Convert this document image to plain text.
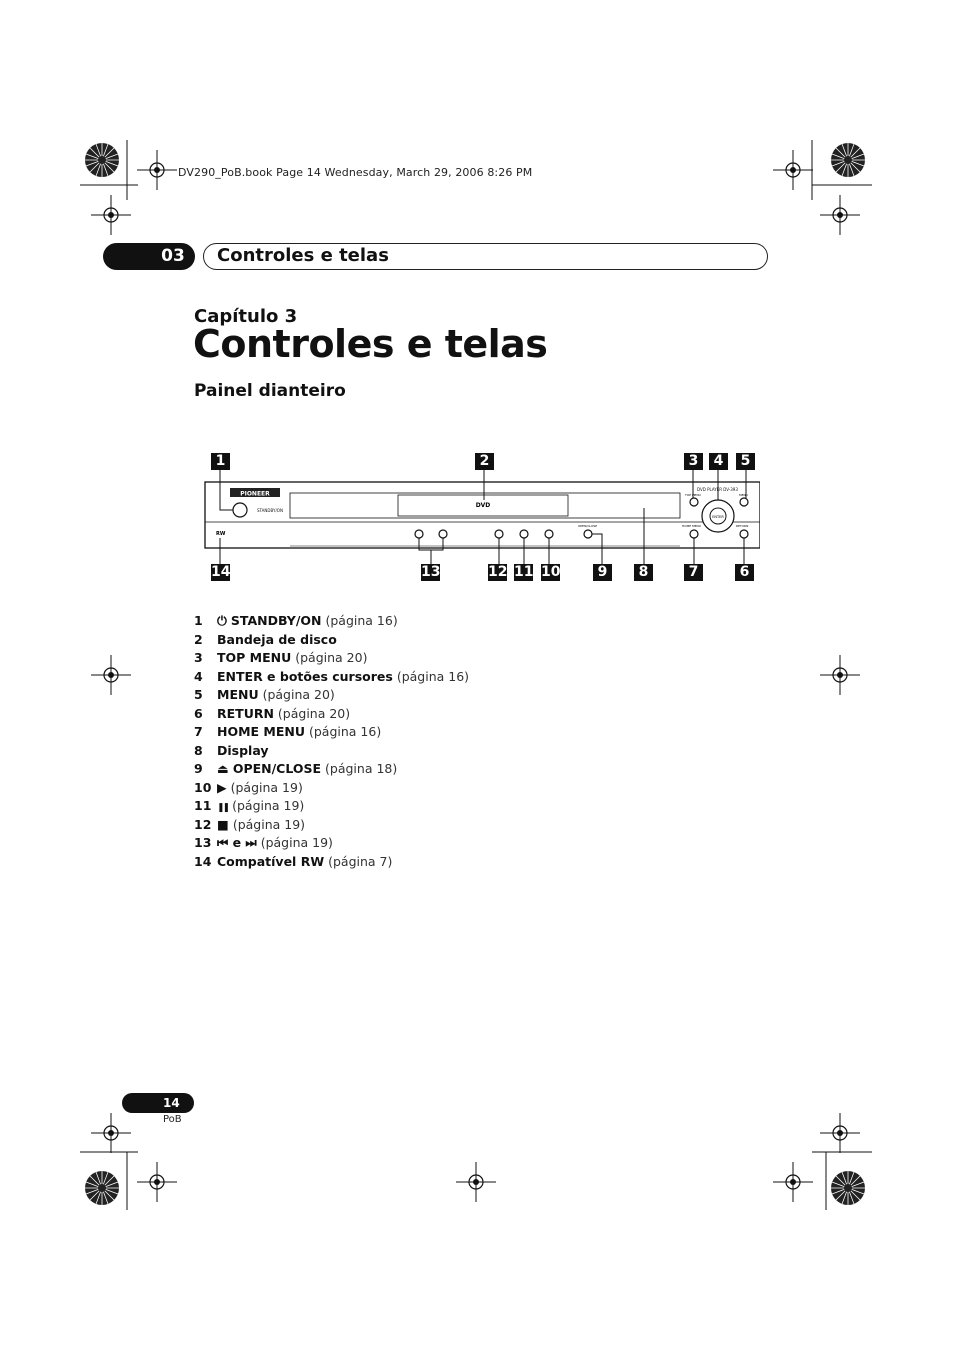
DV290_PoB.book Page 14 Wednesday, March 29, 2006 8:26 PM
03	Controles e telas
Capítulo 3
Controles e telas
Painel dianteiro
PIONEER
STANDBY/ON
DVD
DVD PLAYER DV-393
TOP MENU	MENU
ENTER
HOME MENU	RETURN
OPEN/CLOSE
RW
1	2	3	4	5
14	13	12 11 10	9	8	7	6
1 ⏻ STANDBY/ON (página 16)
2 Bandeja de disco
3 TOP MENU (página 20)
4 ENTER e botões cursores (página 16)
5 MENU (página 20)
6 RETURN (página 20)
7 HOME MENU (página 16)
8 Display
9 ⏏ OPEN/CLOSE (página 18)
10 ▶ (página 19)
11 ❚❚ (página 19)
12 ■ (página 19)
13 ⏮ e ⏭ (página 19)
14 Compatível RW (página 7)
14
PoB
